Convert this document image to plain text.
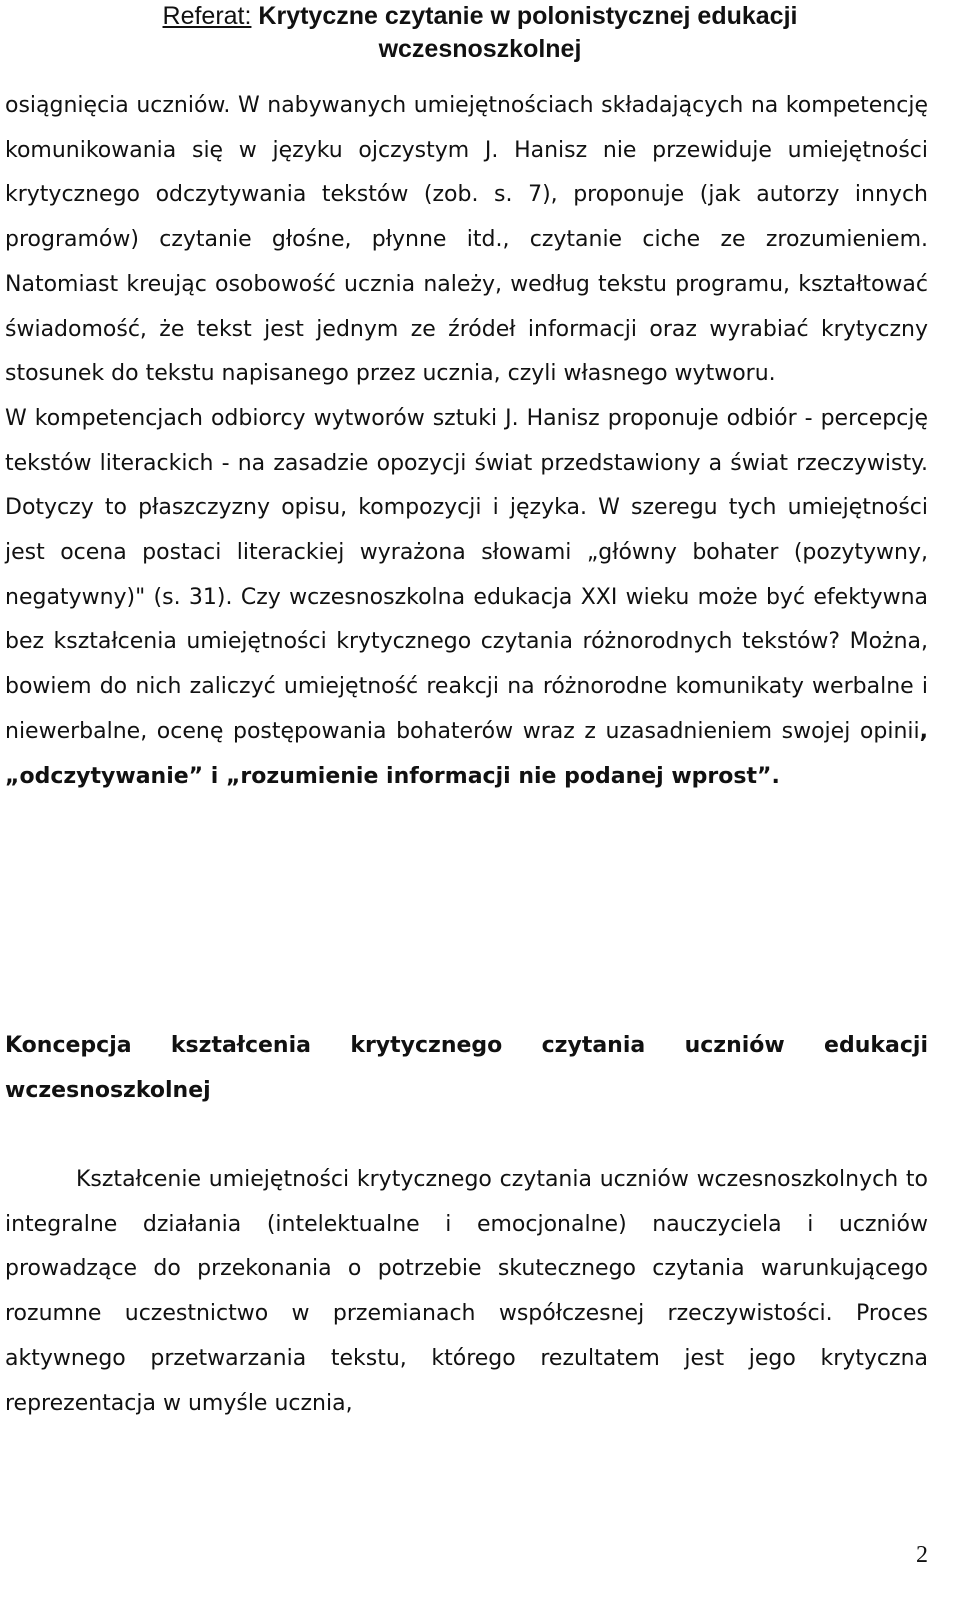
Referat: Krytyczne czytanie w polonistycznej edukacji
wczesnoszkolnej
osiągnięcia uczniów. W nabywanych umiejętnościach składających na kompetencję komunikowania się w języku ojczystym J. Hanisz nie przewiduje umiejętności krytycznego odczytywania tekstów (zob. s. 7), proponuje (jak autorzy innych programów) czytanie głośne, płynne itd., czytanie ciche ze zrozumieniem. Natomiast kreując osobowość ucznia należy, według tekstu programu, kształtować świadomość, że tekst jest jednym ze źródeł informacji oraz wyrabiać krytyczny stosunek do tekstu napisanego przez ucznia, czyli własnego wytworu.
W kompetencjach odbiorcy wytworów sztuki J. Hanisz proponuje odbiór - percepcję tekstów literackich - na zasadzie opozycji świat przedstawiony a świat rzeczywisty. Dotyczy to płaszczyzny opisu, kompozycji i języka. W szeregu tych umiejętności jest ocena postaci literackiej wyrażona słowami „główny bohater (pozytywny, negatywny)" (s. 31). Czy wczesnoszkolna edukacja XXI wieku może być efektywna bez kształcenia umiejętności krytycznego czytania różnorodnych tekstów? Można, bowiem do nich zaliczyć umiejętność reakcji na różnorodne komunikaty werbalne i niewerbalne, ocenę postępowania bohaterów wraz z uzasadnieniem swojej opinii, „odczytywanie” i „rozumienie informacji nie podanej wprost”.
Koncepcja kształcenia krytycznego czytania uczniów edukacji wczesnoszkolnej
Kształcenie umiejętności krytycznego czytania uczniów wczesnoszkolnych to integralne działania (intelektualne i emocjonalne) nauczyciela i uczniów prowadzące do przekonania o potrzebie skutecznego czytania warunkującego rozumne uczestnictwo w przemianach współczesnej rzeczywistości. Proces aktywnego przetwarzania tekstu, którego rezultatem jest jego krytyczna reprezentacja w umyśle ucznia,
2
